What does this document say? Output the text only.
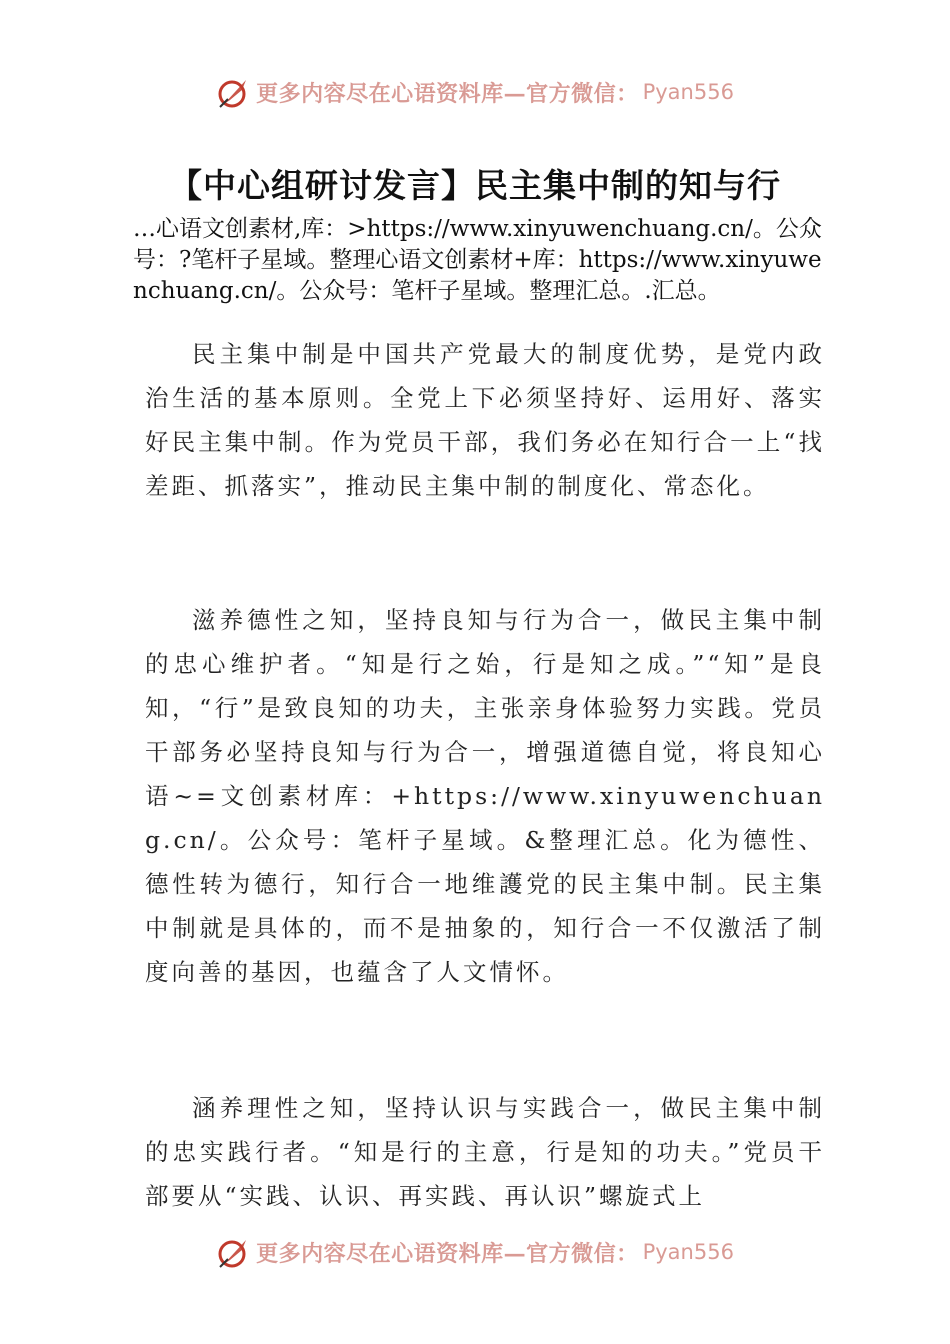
更多内容尽在心语资料库—官方微信： Pyan556
【中心组研讨发言】民主集中制的知与行

…心语文创素材,库：>https://www.xinyuwenchuang.cn/。公众号：?笔杆子星域。整理心语文创素材+库：https://www.xinyuwenchuang.cn/。公众号：笔杆子星域。整理汇总。.汇总。

民主集中制是中国共产党最大的制度优势，是党内政治生活的基本原则。全党上下必须坚持好、运用好、落实好民主集中制。作为党员干部，我们务必在知行合一上“找差距、抓落实”，推动民主集中制的制度化、常态化。

滋养德性之知，坚持良知与行为合一，做民主集中制的忠心维护者。“知是行之始，行是知之成。”“知”是良知，“行”是致良知的功夫，主张亲身体验努力实践。党员干部务必坚持良知与行为合一，增强道德自觉，将良知心语~=文创素材库：+https://www.xinyuwenchuang.cn/。公众号：笔杆子星域。&整理汇总。化为德性、德性转为德行，知行合一地维護党的民主集中制。民主集中制就是具体的，而不是抽象的，知行合一不仅激活了制度向善的基因，也蕴含了人文情怀。

涵养理性之知，坚持认识与实践合一，做民主集中制的忠实践行者。“知是行的主意，行是知的功夫。”党员干部要从“实践、认识、再实践、再认识”螺旋式上

更多内容尽在心语资料库—官方微信： Pyan556
